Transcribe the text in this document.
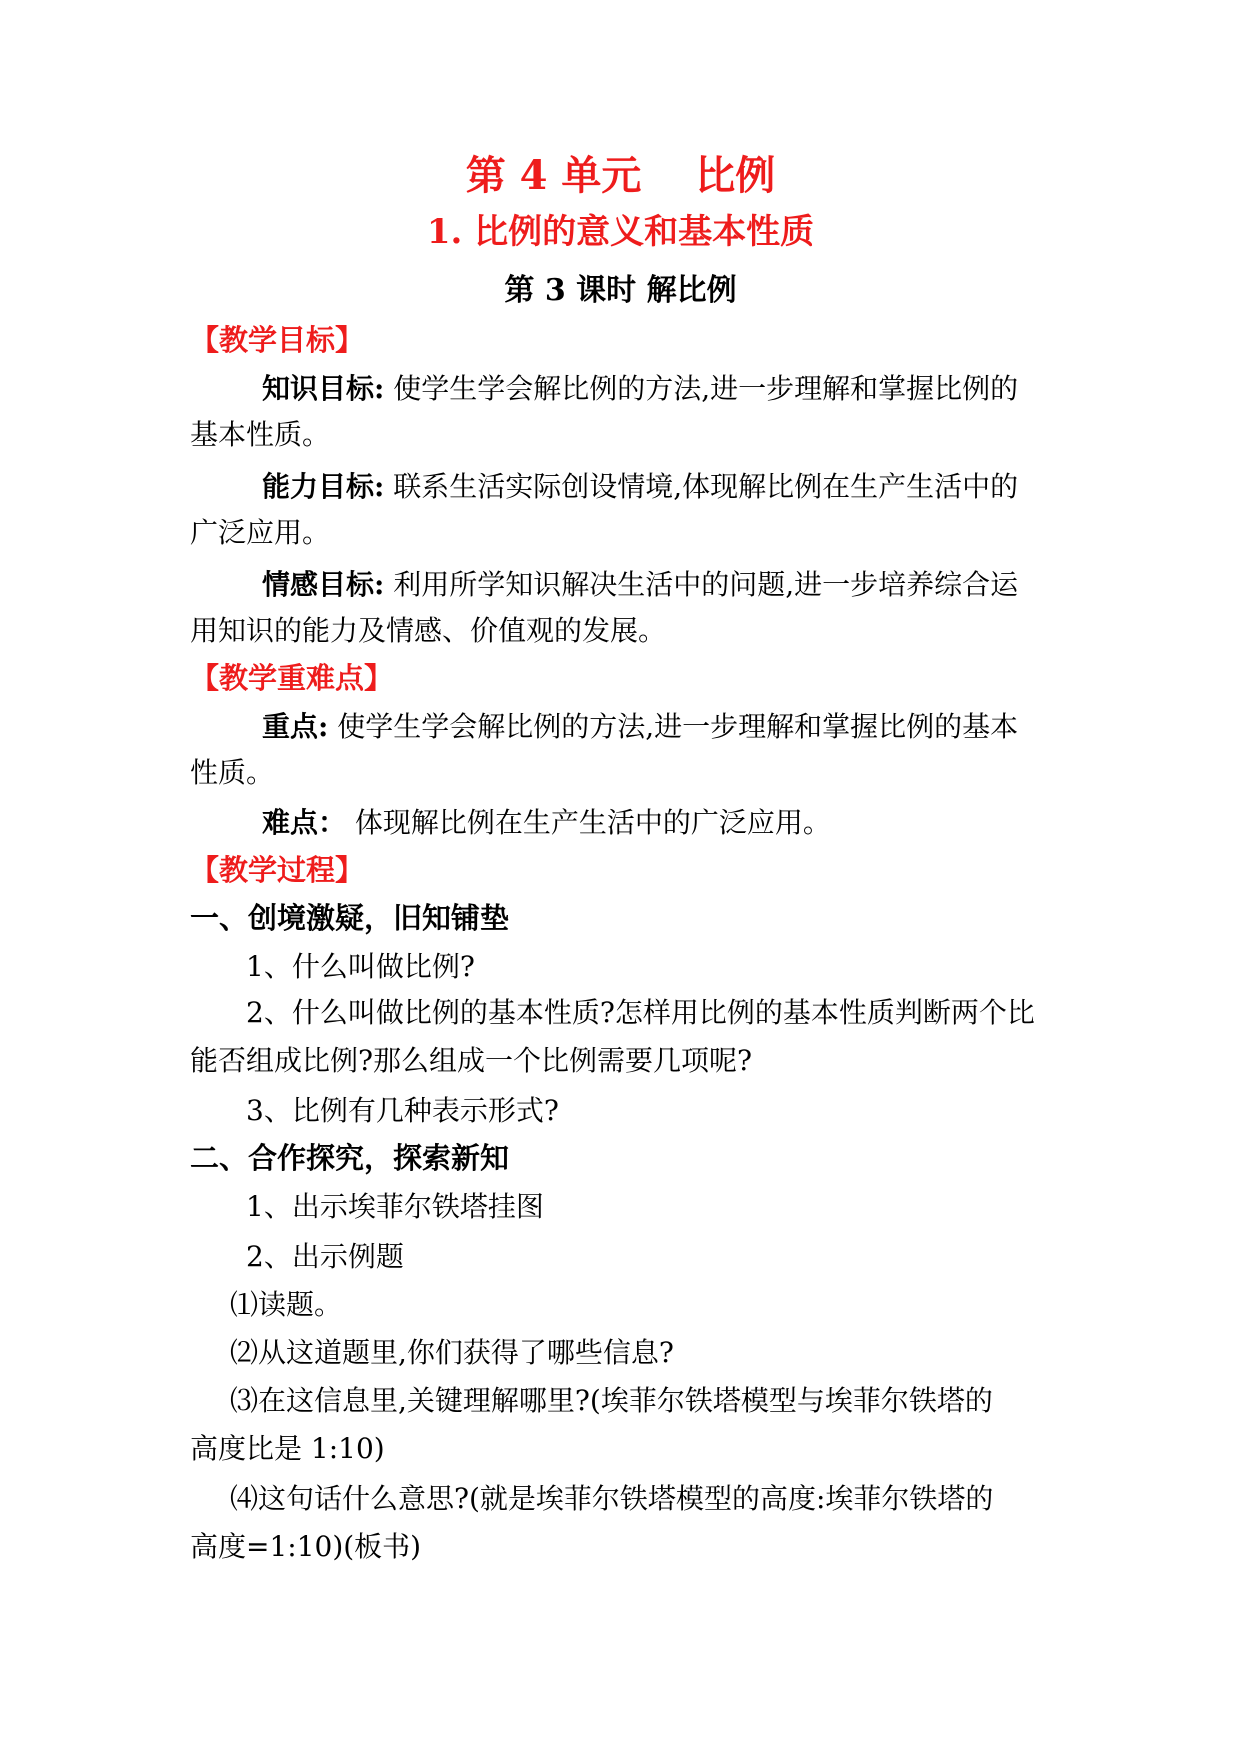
第 4 单元　 比例
1. 比例的意义和基本性质
第 3 课时 解比例
【教学目标】
知识目标: 使学生学会解比例的方法,进一步理解和掌握比例的
基本性质。
能力目标: 联系生活实际创设情境,体现解比例在生产生活中的
广泛应用。
情感目标: 利用所学知识解决生活中的问题,进一步培养综合运
用知识的能力及情感、价值观的发展。
【教学重难点】
重点: 使学生学会解比例的方法,进一步理解和掌握比例的基本
性质。
难点： 体现解比例在生产生活中的广泛应用。
【教学过程】
一、创境激疑，旧知铺垫
1、什么叫做比例?
2、什么叫做比例的基本性质?怎样用比例的基本性质判断两个比
能否组成比例?那么组成一个比例需要几项呢?
3、比例有几种表示形式?
二、合作探究，探索新知
1、出示埃菲尔铁塔挂图
2、出示例题
⑴读题。
⑵从这道题里,你们获得了哪些信息?
⑶在这信息里,关键理解哪里?(埃菲尔铁塔模型与埃菲尔铁塔的
高度比是 1:10)
⑷这句话什么意思?(就是埃菲尔铁塔模型的高度:埃菲尔铁塔的
高度=1:10)(板书)
